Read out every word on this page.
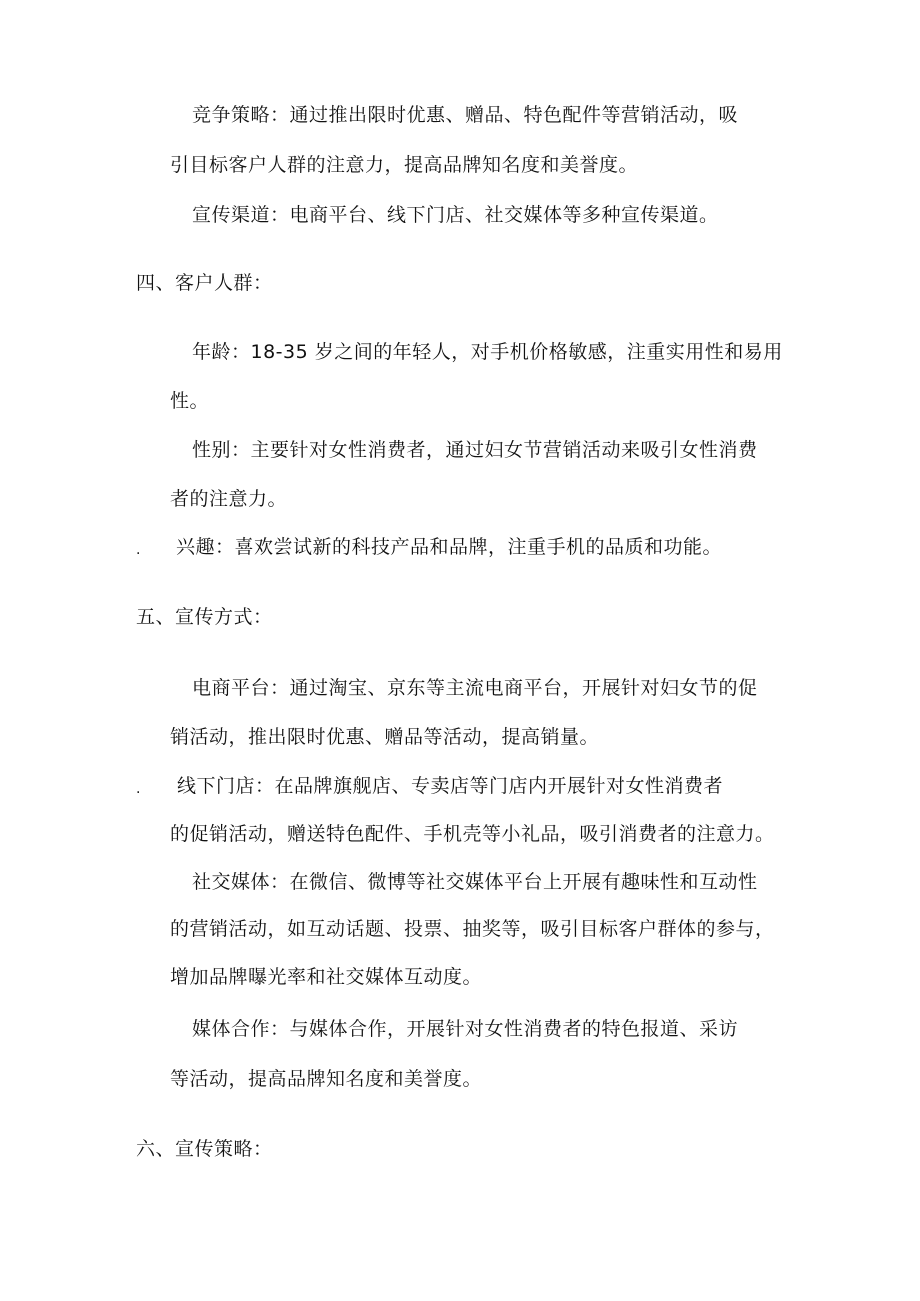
竞争策略：通过推出限时优惠、赠品、特色配件等营销活动，吸
引目标客户人群的注意力，提高品牌知名度和美誉度。
宣传渠道：电商平台、线下门店、社交媒体等多种宣传渠道。
四、客户人群：
年龄：18-35 岁之间的年轻人，对手机价格敏感，注重实用性和易用
性。
性别：主要针对女性消费者，通过妇女节营销活动来吸引女性消费
者的注意力。
. 兴趣：喜欢尝试新的科技产品和品牌，注重手机的品质和功能。
五、宣传方式：
电商平台：通过淘宝、京东等主流电商平台，开展针对妇女节的促
销活动，推出限时优惠、赠品等活动，提高销量。
. 线下门店：在品牌旗舰店、专卖店等门店内开展针对女性消费者
的促销活动，赠送特色配件、手机壳等小礼品，吸引消费者的注意力。
社交媒体：在微信、微博等社交媒体平台上开展有趣味性和互动性
的营销活动，如互动话题、投票、抽奖等，吸引目标客户群体的参与，
增加品牌曝光率和社交媒体互动度。
媒体合作：与媒体合作，开展针对女性消费者的特色报道、采访
等活动，提高品牌知名度和美誉度。
六、宣传策略：
